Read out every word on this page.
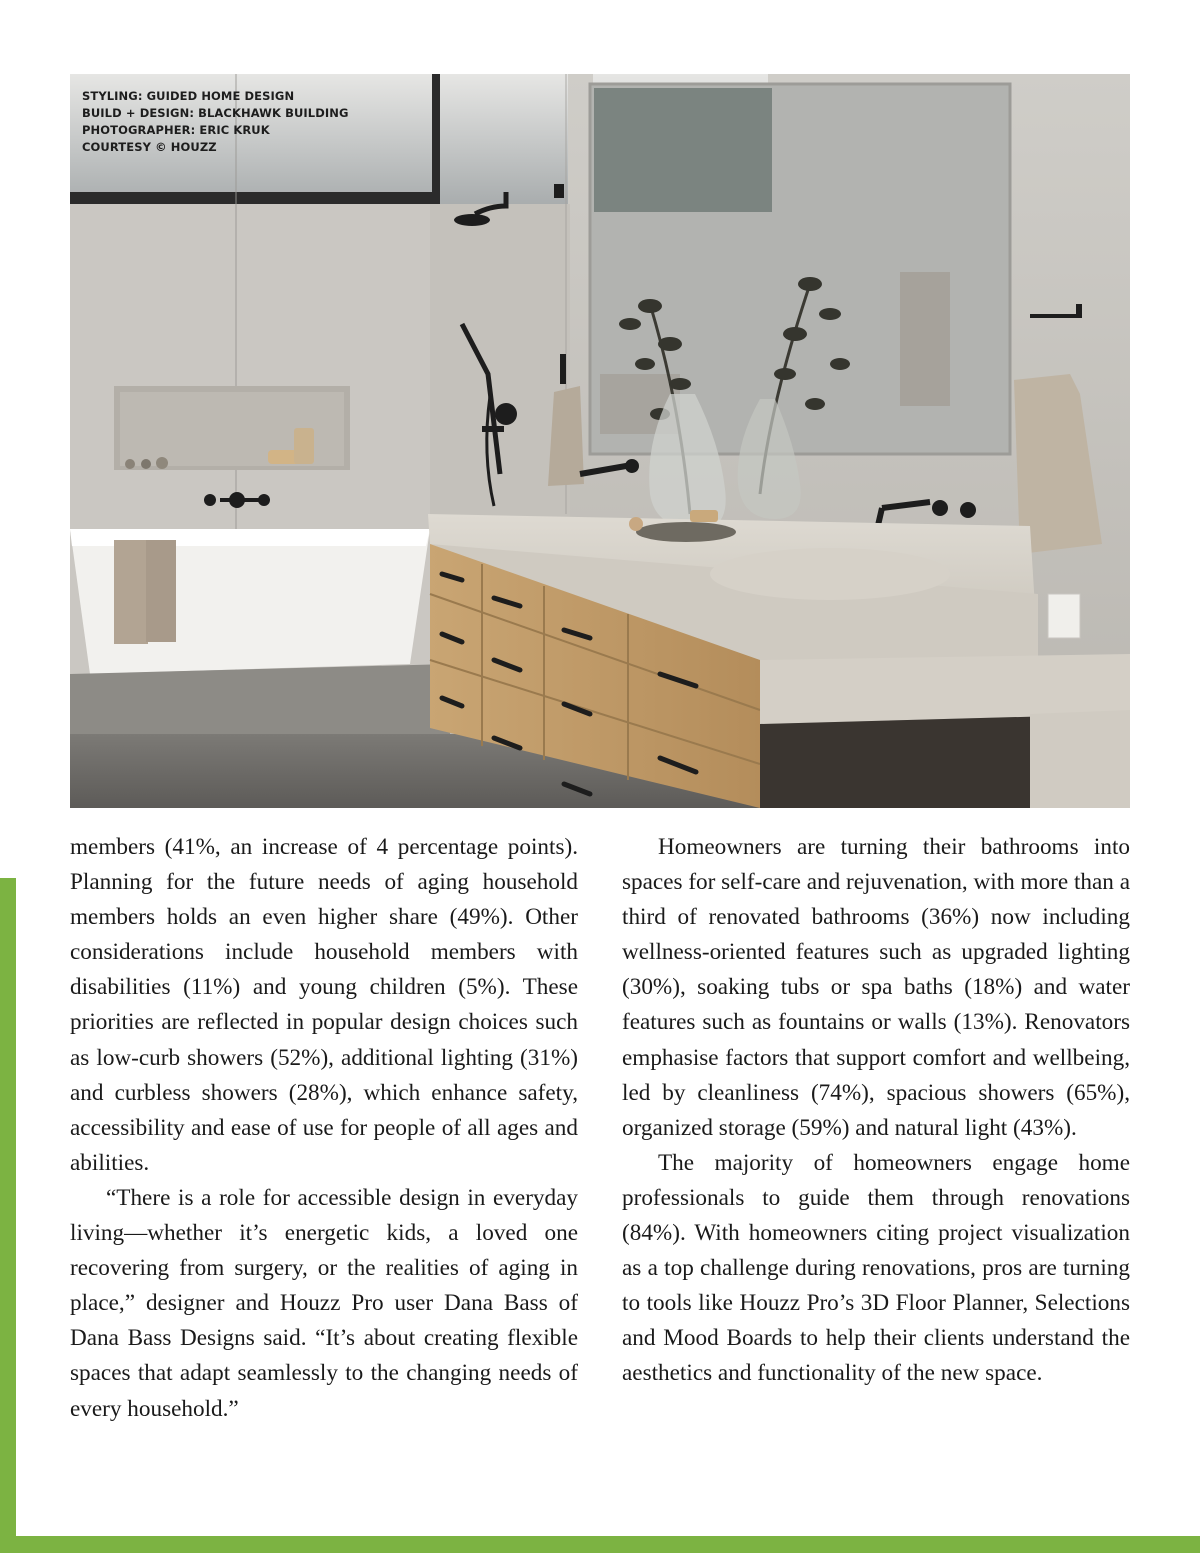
STYLING: GUIDED HOME DESIGN
BUILD + DESIGN: BLACKHAWK BUILDING
PHOTOGRAPHER: ERIC KRUK
COURTESY © HOUZZ

members (41%, an increase of 4 percentage points). Planning for the future needs of aging household members holds an even higher share (49%). Other considerations include household members with disabilities (11%) and young children (5%). These priorities are reflected in popular design choices such as low-curb showers (52%), additional lighting (31%) and curbless showers (28%), which enhance safety, accessibility and ease of use for people of all ages and abilities.

“There is a role for accessible design in everyday living—whether it’s energetic kids, a loved one recovering from surgery, or the realities of aging in place,” designer and Houzz Pro user Dana Bass of Dana Bass Designs said. “It’s about creating flexible spaces that adapt seamlessly to the changing needs of every household.”

Homeowners are turning their bathrooms into spaces for self-care and rejuvenation, with more than a third of renovated bathrooms (36%) now including wellness-oriented features such as upgraded lighting (30%), soaking tubs or spa baths (18%) and water features such as fountains or walls (13%). Renovators emphasise factors that support comfort and wellbeing, led by cleanliness (74%), spacious showers (65%), organized storage (59%) and natural light (43%).

The majority of homeowners engage home professionals to guide them through renovations (84%). With homeowners citing project visualization as a top challenge during renovations, pros are turning to tools like Houzz Pro’s 3D Floor Planner, Selections and Mood Boards to help their clients understand the aesthetics and functionality of the new space.
